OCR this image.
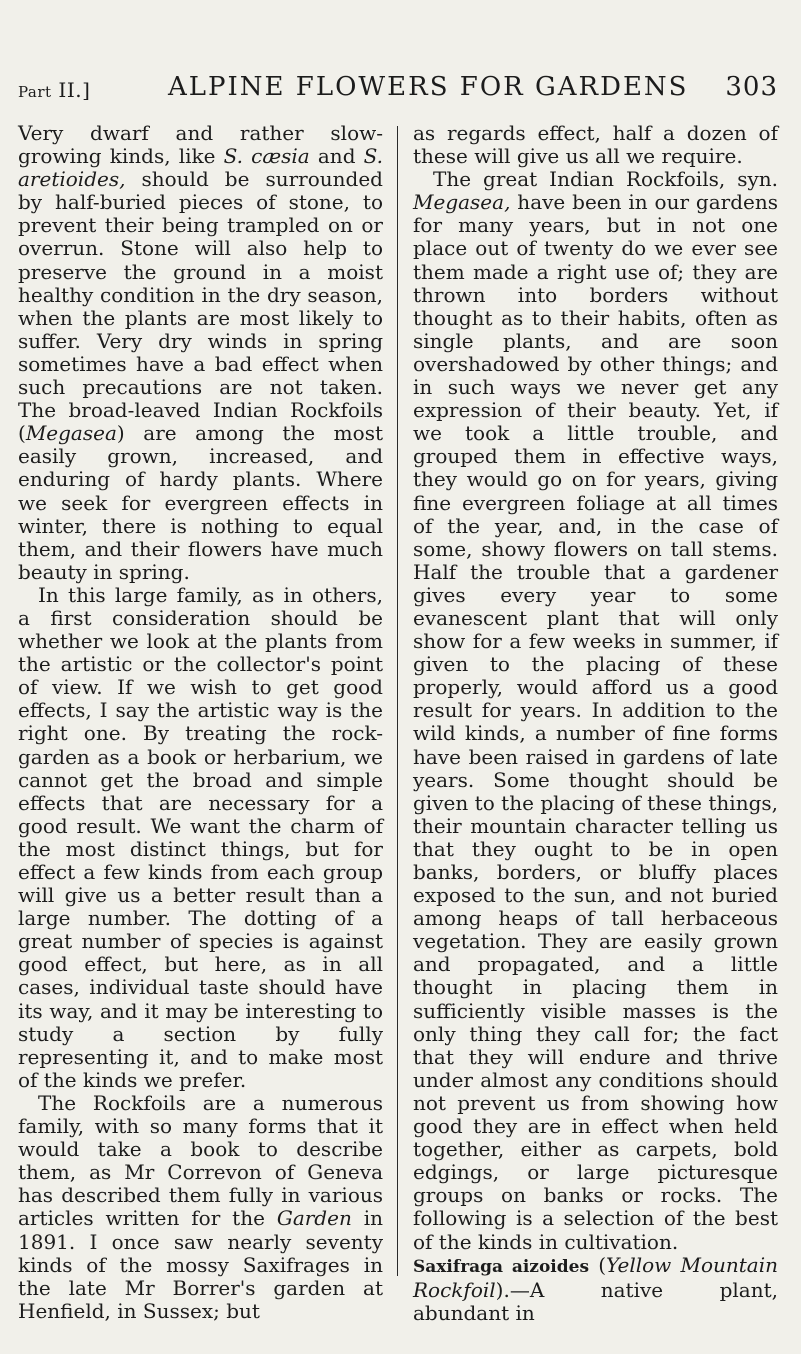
Part II.]	ALPINE FLOWERS FOR GARDENS 303

Very dwarf and rather slow-growing kinds, like S. cæsia and S. aretioides, should be surrounded by half-buried pieces of stone, to prevent their being trampled on or overrun. Stone will also help to preserve the ground in a moist healthy condition in the dry season, when the plants are most likely to suffer. Very dry winds in spring sometimes have a bad effect when such precautions are not taken. The broad-leaved Indian Rockfoils (Megasea) are among the most easily grown, increased, and enduring of hardy plants. Where we seek for evergreen effects in winter, there is nothing to equal them, and their flowers have much beauty in spring.

In this large family, as in others, a first consideration should be whether we look at the plants from the artistic or the collector's point of view. If we wish to get good effects, I say the artistic way is the right one. By treating the rock-garden as a book or herbarium, we cannot get the broad and simple effects that are necessary for a good result. We want the charm of the most distinct things, but for effect a few kinds from each group will give us a better result than a large number. The dotting of a great number of species is against good effect, but here, as in all cases, individual taste should have its way, and it may be interesting to study a section by fully representing it, and to make most of the kinds we prefer.

The Rockfoils are a numerous family, with so many forms that it would take a book to describe them, as Mr Correvon of Geneva has described them fully in various articles written for the Garden in 1891. I once saw nearly seventy kinds of the mossy Saxifrages in the late Mr Borrer's garden at Henfield, in Sussex; but

as regards effect, half a dozen of these will give us all we require.

The great Indian Rockfoils, syn. Megasea, have been in our gardens for many years, but in not one place out of twenty do we ever see them made a right use of; they are thrown into borders without thought as to their habits, often as single plants, and are soon overshadowed by other things; and in such ways we never get any expression of their beauty. Yet, if we took a little trouble, and grouped them in effective ways, they would go on for years, giving fine evergreen foliage at all times of the year, and, in the case of some, showy flowers on tall stems. Half the trouble that a gardener gives every year to some evanescent plant that will only show for a few weeks in summer, if given to the placing of these properly, would afford us a good result for years. In addition to the wild kinds, a number of fine forms have been raised in gardens of late years. Some thought should be given to the placing of these things, their mountain character telling us that they ought to be in open banks, borders, or bluffy places exposed to the sun, and not buried among heaps of tall herbaceous vegetation. They are easily grown and propagated, and a little thought in placing them in sufficiently visible masses is the only thing they call for; the fact that they will endure and thrive under almost any conditions should not prevent us from showing how good they are in effect when held together, either as carpets, bold edgings, or large picturesque groups on banks or rocks. The following is a selection of the best of the kinds in cultivation.

Saxifraga aizoides (Yellow Mountain Rockfoil).—A native plant, abundant in
